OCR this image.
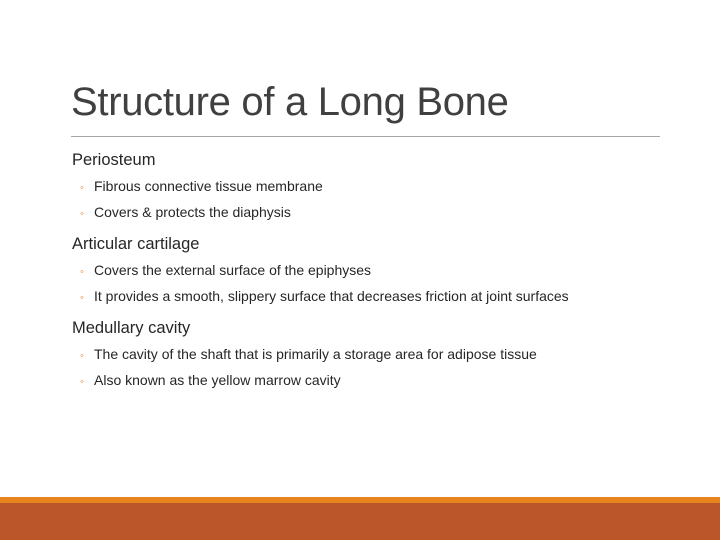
Structure of a Long Bone
Periosteum
◦ Fibrous connective tissue membrane
◦ Covers & protects the diaphysis
Articular cartilage
◦ Covers the external surface of the epiphyses
◦ It provides a smooth, slippery surface that decreases friction at joint surfaces
Medullary cavity
◦ The cavity of the shaft that is primarily a storage area for adipose tissue
◦ Also known as the yellow marrow cavity
